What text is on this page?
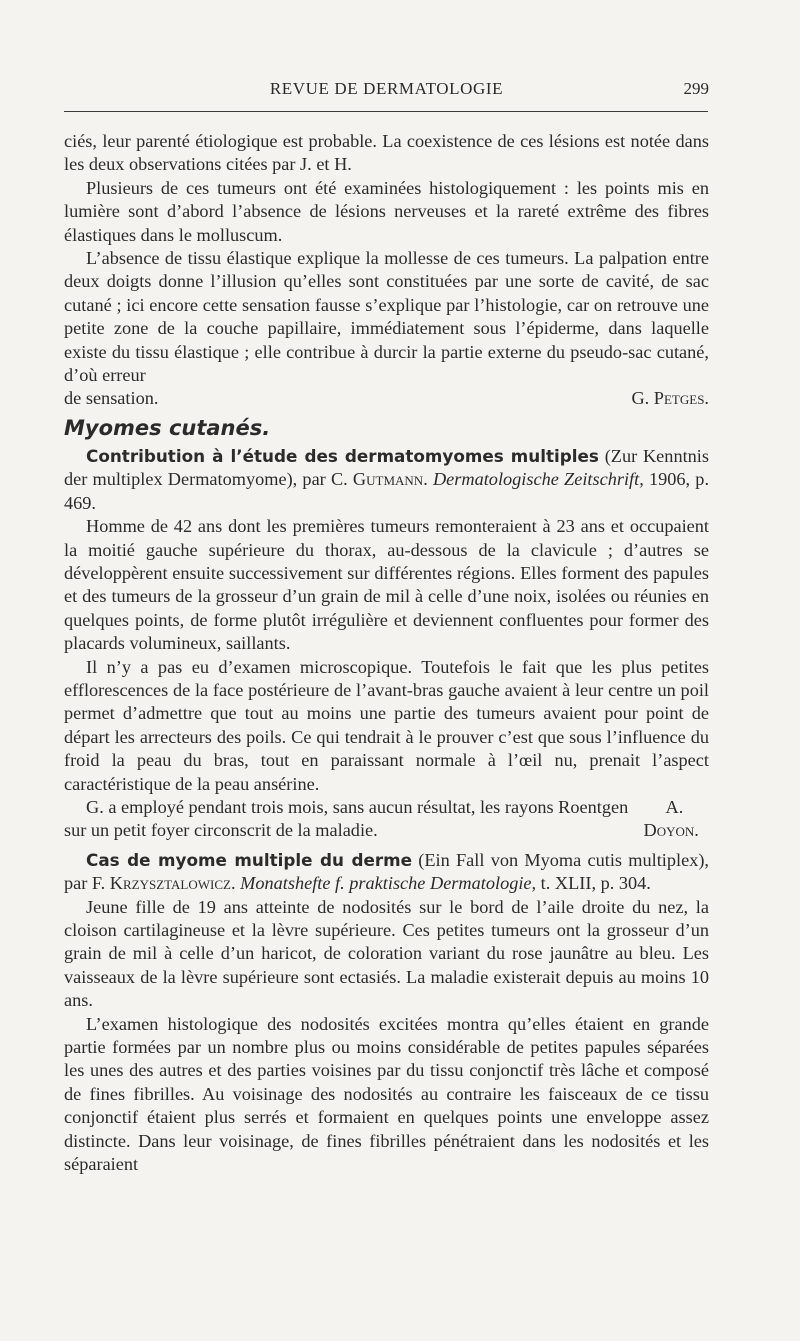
REVUE DE DERMATOLOGIE	299

ciés, leur parenté étiologique est probable. La coexistence de ces lésions est notée dans les deux observations citées par J. et H.

Plusieurs de ces tumeurs ont été examinées histologiquement : les points mis en lumière sont d’abord l’absence de lésions nerveuses et la rareté extrême des fibres élastiques dans le molluscum.

L’absence de tissu élastique explique la mollesse de ces tumeurs. La palpation entre deux doigts donne l’illusion qu’elles sont constituées par une sorte de cavité, de sac cutané ; ici encore cette sensation fausse s’explique par l’histologie, car on retrouve une petite zone de la couche papillaire, immédiatement sous l’épiderme, dans laquelle existe du tissu élastique ; elle contribue à durcir la partie externe du pseudo-sac cutané, d’où erreur

de sensation.	G. Petges.
Myomes cutanés.

Contribution à l’étude des dermatomyomes multiples (Zur Kenntnis der multiplex Dermatomyome), par C. Gutmann. Dermatologische Zeitschrift, 1906, p. 469.

Homme de 42 ans dont les premières tumeurs remonteraient à 23 ans et occupaient la moitié gauche supérieure du thorax, au-dessous de la clavicule ; d’autres se développèrent ensuite successivement sur différentes régions. Elles forment des papules et des tumeurs de la grosseur d’un grain de mil à celle d’une noix, isolées ou réunies en quelques points, de forme plutôt irrégulière et deviennent confluentes pour former des placards volumineux, saillants.

Il n’y a pas eu d’examen microscopique. Toutefois le fait que les plus petites efflorescences de la face postérieure de l’avant-bras gauche avaient à leur centre un poil permet d’admettre que tout au moins une partie des tumeurs avaient pour point de départ les arrecteurs des poils. Ce qui tendrait à le prouver c’est que sous l’influence du froid la peau du bras, tout en paraissant normale à l’œil nu, prenait l’aspect caractéristique de la peau ansérine.

G. a employé pendant trois mois, sans aucun résultat, les rayons Roentgen sur un petit foyer circonscrit de la maladie.
A. Doyon.

Cas de myome multiple du derme (Ein Fall von Myoma cutis multiplex), par F. Krzysztalowicz. Monatshefte f. praktische Dermatologie, t. XLII, p. 304.

Jeune fille de 19 ans atteinte de nodosités sur le bord de l’aile droite du nez, la cloison cartilagineuse et la lèvre supérieure. Ces petites tumeurs ont la grosseur d’un grain de mil à celle d’un haricot, de coloration variant du rose jaunâtre au bleu. Les vaisseaux de la lèvre supérieure sont ectasiés. La maladie existerait depuis au moins 10 ans.

L’examen histologique des nodosités excitées montra qu’elles étaient en grande partie formées par un nombre plus ou moins considérable de petites papules séparées les unes des autres et des parties voisines par du tissu conjonctif très lâche et composé de fines fibrilles. Au voisinage des nodosités au contraire les faisceaux de ce tissu conjonctif étaient plus serrés et formaient en quelques points une enveloppe assez distincte. Dans leur voisinage, de fines fibrilles pénétraient dans les nodosités et les séparaient
